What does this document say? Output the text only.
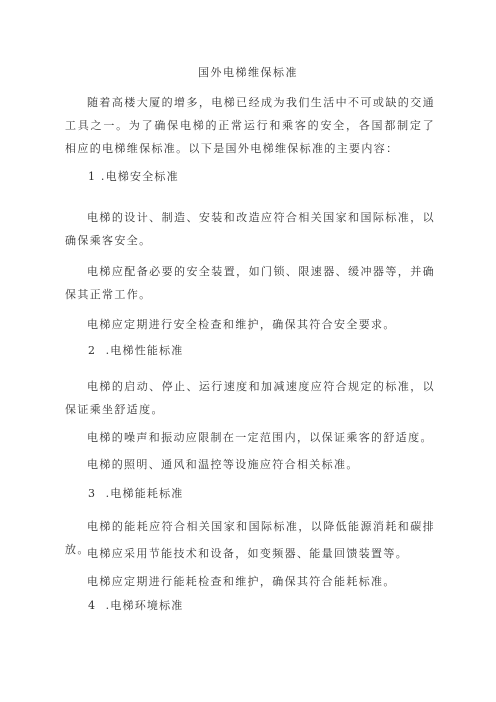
国外电梯维保标准
随着高楼大厦的增多，电梯已经成为我们生活中不可或缺的交通工具之一。为了确保电梯的正常运行和乘客的安全，各国都制定了相应的电梯维保标准。以下是国外电梯维保标准的主要内容：
1 .电梯安全标准
电梯的设计、制造、安装和改造应符合相关国家和国际标准，以确保乘客安全。
电梯应配备必要的安全装置，如门锁、限速器、缓冲器等，并确保其正常工作。
电梯应定期进行安全检查和维护，确保其符合安全要求。
2  .电梯性能标准
电梯的启动、停止、运行速度和加减速度应符合规定的标准，以保证乘坐舒适度。
电梯的噪声和振动应限制在一定范围内，以保证乘客的舒适度。
电梯的照明、通风和温控等设施应符合相关标准。
3  .电梯能耗标准
电梯的能耗应符合相关国家和国际标准，以降低能源消耗和碳排放。
电梯应采用节能技术和设备，如变频器、能量回馈装置等。
电梯应定期进行能耗检查和维护，确保其符合能耗标准。
4  .电梯环境标准
